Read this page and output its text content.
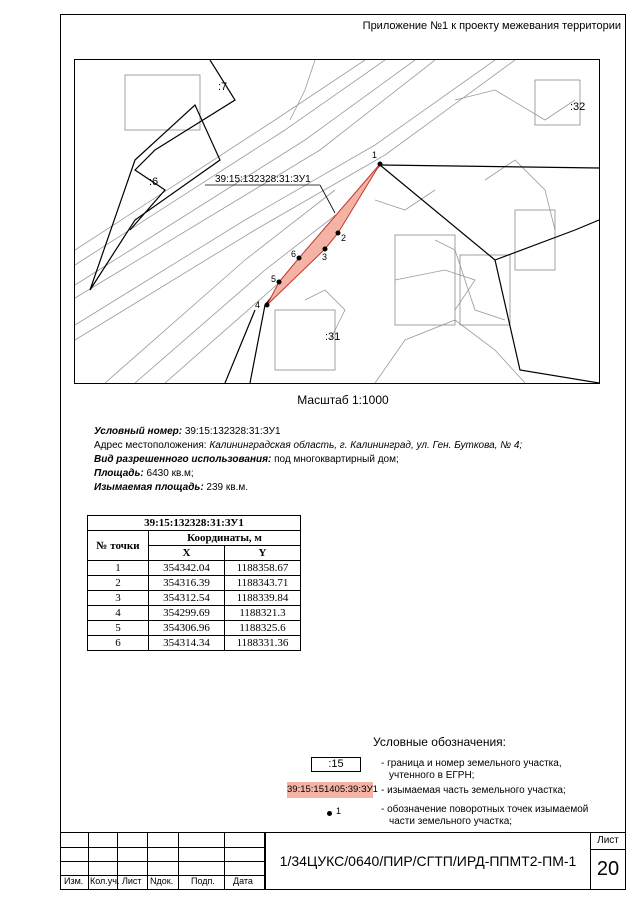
Приложение №1 к проекту межевания территории
1
2
3
4
5
6
:7
:32
:6
:31
39:15:132328:31:ЗУ1
Масштаб 1:1000
Условный номер: 39:15:132328:31:ЗУ1
Адрес местоположения: Калининградская область, г. Калининград, ул. Ген. Буткова, № 4;
Вид разрешенного использования: под многоквартирный дом;
Площадь: 6430 кв.м;
Изымаемая площадь: 239 кв.м.
39:15:132328:31:ЗУ1		
№ точки	Координаты, м	
	X	Y
1	354342.04	1188358.67
2	354316.39	1188343.71
3	354312.54	1188339.84
4	354299.69	1188321.3
5	354306.96	1188325.6
6	354314.34	1188331.36
Условные обозначения:
:15	- граница и номер земельного участка,
учтенного в ЕГРН;
39:15:151405:39:ЗУ1 - изымаемая часть земельного участка;
1	- обозначение поворотных точек изымаемой
части земельного участка;
Изм. Кол.уч. Лист Nдок. Подп. Дата
1/34ЦУКС/0640/ПИР/СГТП/ИРД-ППМТ2-ПМ-1
Лист
20
